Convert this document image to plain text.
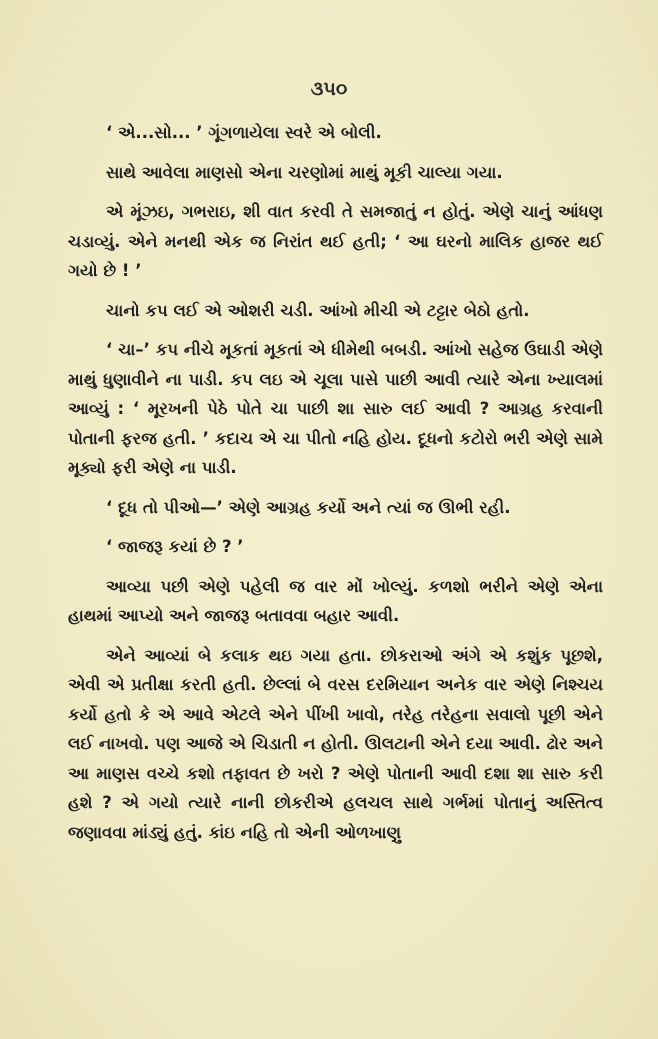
૩૫૦

‘ એ...સો... ’ ગૂંગળાયેલા સ્વરે એ બોલી.

સાથે આવેલા માણસો એના ચરણોમાં માથું મૂકી ચાલ્યા ગયા.

એ મૂંઝઇ, ગભરાઇ, શી વાત કરવી તે સમજાતું ન હોતું. એણે ચાનું આંધણ ચડાવ્યું. એને મનથી એક જ નિરાંત થઈ હતી; ‘ આ ઘરનો માલિક હાજર થઈ ગયો છે ! ’

ચાનો કપ લઈ એ ઓશરી ચડી. આંખો મીચી એ ટટ્ટાર બેઠો હતો.

‘ ચા–’ કપ નીચે મૂકતાં મૂકતાં એ ધીમેથી બબડી. આંખો સહેજ ઉઘાડી એણે માથું ધુણાવીને ના પાડી. કપ લઇ એ ચૂલા પાસે પાછી આવી ત્યારે એના ખ્યાલમાં આવ્યું : ‘ મૂરખની પેઠે પોતે ચા પાછી શા સારુ લઈ આવી ? આગ્રહ કરવાની પોતાની ફરજ હતી. ’ કદાચ એ ચા પીતો નહિ હોય. દૂધનો કટોરો ભરી એણે સામે મૂક્યો ફરી એણે ના પાડી.

‘ દૂધ તો પીઓ—’ એણે આગ્રહ કર્યો અને ત્યાં જ ઊભી રહી.

‘ જાજરૂ કયાં છે ? ’

આવ્યા પછી એણે પહેલી જ વાર મોં ખોલ્યું. કળશો ભરીને એણે એના હાથમાં આપ્યો અને જાજરૂ બતાવવા બહાર આવી.

એને આવ્યાં બે કલાક થઇ ગયા હતા. છોકરાઓ અંગે એ કશુંક પૂછશે, એવી એ પ્રતીક્ષા કરતી હતી. છેલ્લાં બે વરસ દરમિયાન અનેક વાર એણે નિશ્ચય કર્યો હતો કે એ આવે એટલે એને પીંખી ખાવો, તરેહ તરેહના સવાલો પૂછી એને લઈ નાખવો. પણ આજે એ ચિડાતી ન હોતી. ઊલટાની એને દયા આવી. ઢોર અને આ માણસ વચ્ચે કશો તફાવત છે ખરો ? એણે પોતાની આવી દશા શા સારુ કરી હશે ? એ ગયો ત્યારે નાની છોકરીએ હલચલ સાથે ગર્ભમાં પોતાનું અસ્તિત્વ જણાવવા માંડ્યું હતું. કાંઇ નહિ તો એની ઓળખાણુ
